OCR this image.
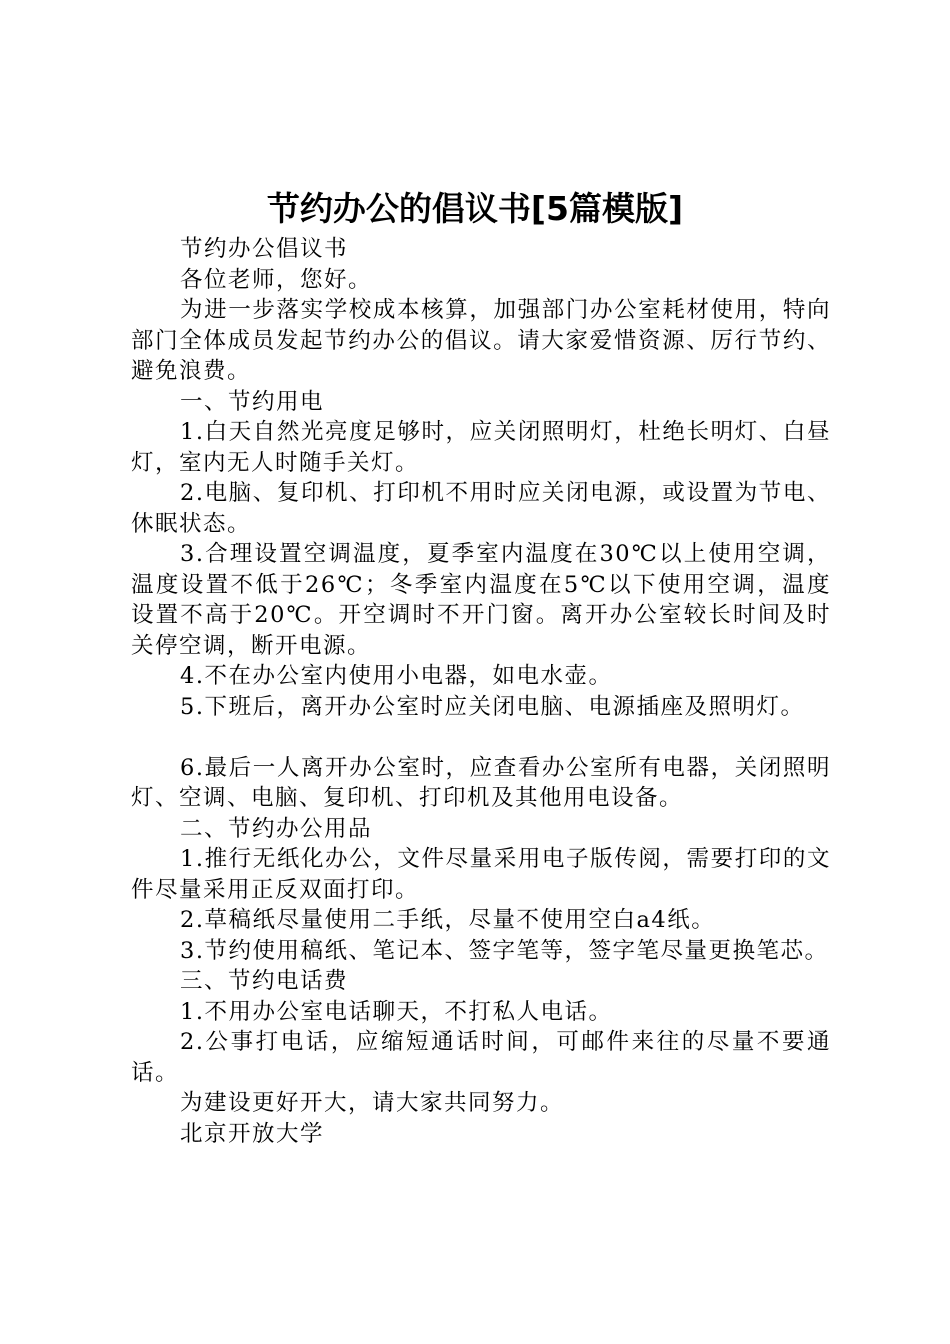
节约办公的倡议书[5篇模版]

节约办公倡议书

各位老师，您好。

为进一步落实学校成本核算，加强部门办公室耗材使用，特向部门全体成员发起节约办公的倡议。请大家爱惜资源、厉行节约、避免浪费。

一、节约用电

1.白天自然光亮度足够时，应关闭照明灯，杜绝长明灯、白昼灯，室内无人时随手关灯。

2.电脑、复印机、打印机不用时应关闭电源，或设置为节电、休眠状态。

3.合理设置空调温度，夏季室内温度在30℃以上使用空调，温度设置不低于26℃；冬季室内温度在5℃以下使用空调，温度设置不高于20℃。开空调时不开门窗。离开办公室较长时间及时关停空调，断开电源。

4.不在办公室内使用小电器，如电水壶。

5.下班后，离开办公室时应关闭电脑、电源插座及照明灯。

6.最后一人离开办公室时，应查看办公室所有电器，关闭照明灯、空调、电脑、复印机、打印机及其他用电设备。

二、节约办公用品

1.推行无纸化办公，文件尽量采用电子版传阅，需要打印的文件尽量采用正反双面打印。

2.草稿纸尽量使用二手纸，尽量不使用空白a4纸。

3.节约使用稿纸、笔记本、签字笔等，签字笔尽量更换笔芯。

三、节约电话费

1.不用办公室电话聊天，不打私人电话。

2.公事打电话，应缩短通话时间，可邮件来往的尽量不要通话。

为建设更好开大，请大家共同努力。

北京开放大学
